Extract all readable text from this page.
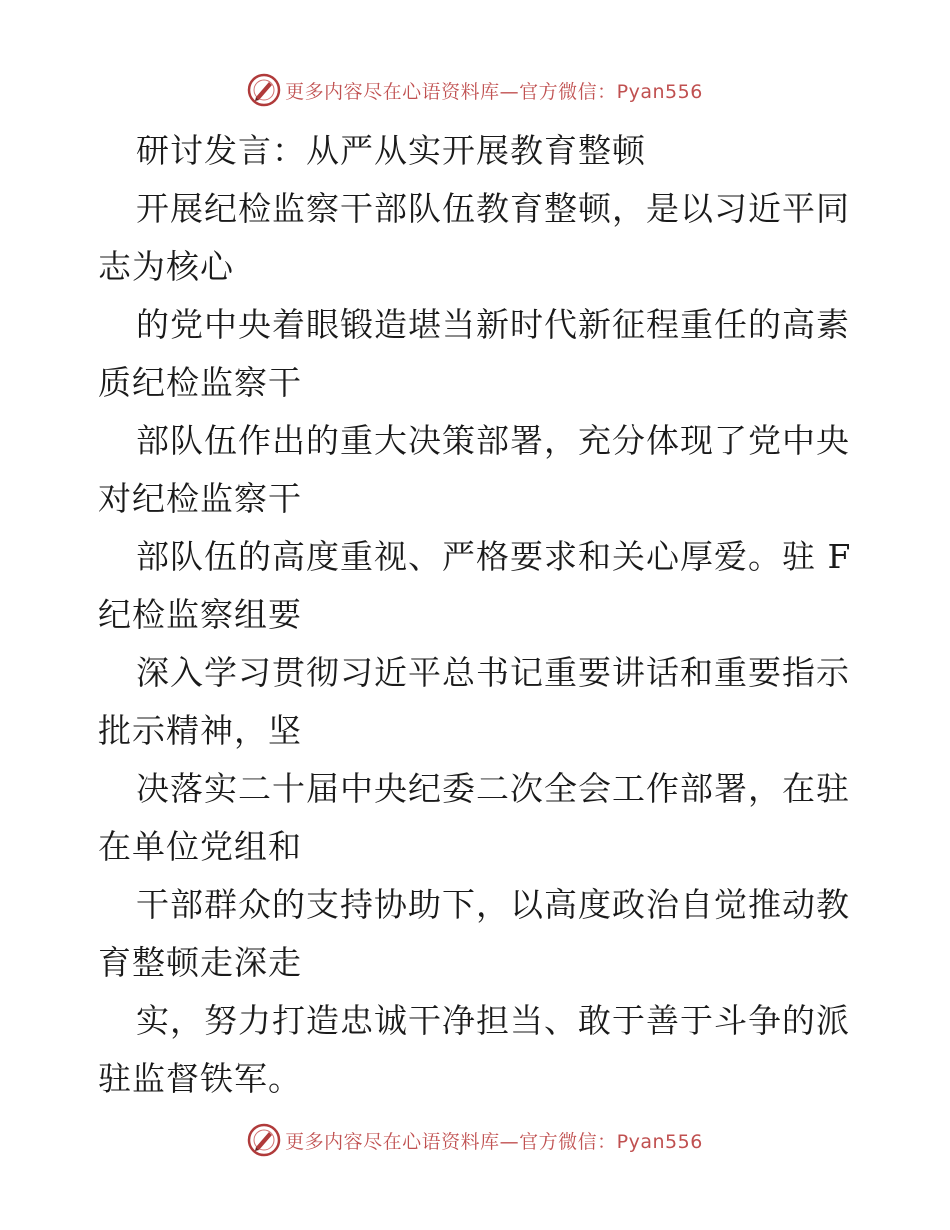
更多内容尽在心语资料库—官方微信：Pyan556
研讨发言：从严从实开展教育整顿
开展纪检监察干部队伍教育整顿，是以习近平同
志为核心
的党中央着眼锻造堪当新时代新征程重任的高素
质纪检监察干
部队伍作出的重大决策部署，充分体现了党中央
对纪检监察干
部队伍的高度重视、严格要求和关心厚爱。驻 F
纪检监察组要
深入学习贯彻习近平总书记重要讲话和重要指示
批示精神，坚
决落实二十届中央纪委二次全会工作部署，在驻
在单位党组和
干部群众的支持协助下，以高度政治自觉推动教
育整顿走深走
实，努力打造忠诚干净担当、敢于善于斗争的派
驻监督铁军。
更多内容尽在心语资料库—官方微信：Pyan556
